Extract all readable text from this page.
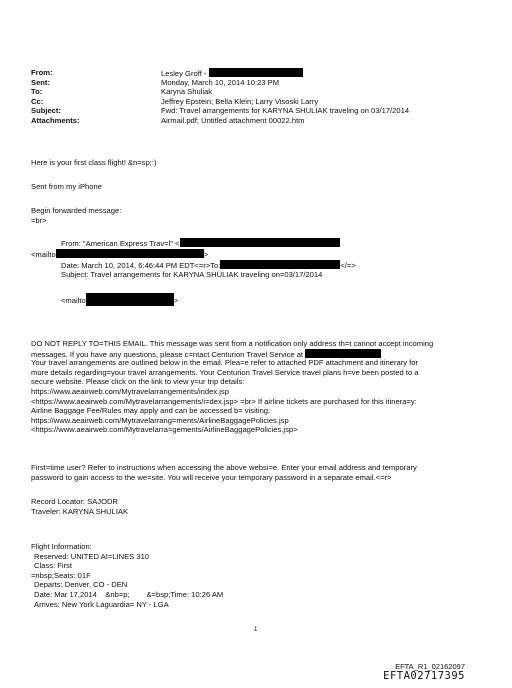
From:	Lesley Groff -
Sent:	Monday, March 10, 2014 10:23 PM
To:	Karyna Shuliak
Cc:	Jeffrey Epstein; Bella Klein; Larry Visoski Larry
Subject:	Fwd: Travel arrangements for KARYNA SHULIAK traveling on 03/17/2014
Attachments:	Airmail.pdf; Untitled attachment 00022.htm
Here is your first class flight! &n=sp;:)
Sent from my iPhone
Begin forwarded message:
=br>
From: "American Express Trav=l" <
<mailto	>
Date: March 10, 2014, 6:46:44 PM EDT<=r>To:	</=>
Subject: Travel arrangements for KARYNA SHULIAK traveling on=03/17/2014
<mailto	>
DO NOT REPLY TO=THIS EMAIL. This message was sent from a notification only address th=t cannot accept incoming
messages. If you have any questions, please c=ntact Centurion Travel Service at
Your travel arrangements are outlined below in the email. Plea=e refer to attached PDF attachment and itinerary for
more details regarding=your travel arrangements. Your Centurion Travel Service travel plans h=ve been posted to a
secure website. Please click on the link to view y=ur trip details:
https://www.aeairweb.com/Mytravelarrangements/index.jsp
<https://www.aeairweb.com/Mytravelarrangements/i=dex.jsp> =br> If airline tickets are purchased for this itinera=y:
Airline Baggage Fee/Rules may apply and can be accessed b= visiting:
https://www.aeairweb.com/Mytravelarrang=ments/AirlineBaggagePolicies.jsp
<https://www.aeairweb.com/Mytravelarra=gements/AirlineBaggagePolicies.jsp>
First=time user? Refer to instructions when accessing the above websi=e. Enter your email address and temporary
password to gain access to the we=site. You will receive your temporary password in a separate email.<=r>
Record Locator: SAJODR
Traveler: KARYNA SHULIAK
Flight Information:
Reserved: UNITED AI=LINES 310
Class: First
=nbsp;Seats: 01F
Departs: Denver, CO - DEN
Date: Mar 17,2014    &nb=p;        &=bsp;Time: 10:26 AM
Arrives: New York Laguardia= NY - LGA
1
EFTA_R1_02162097
EFTA02717395
